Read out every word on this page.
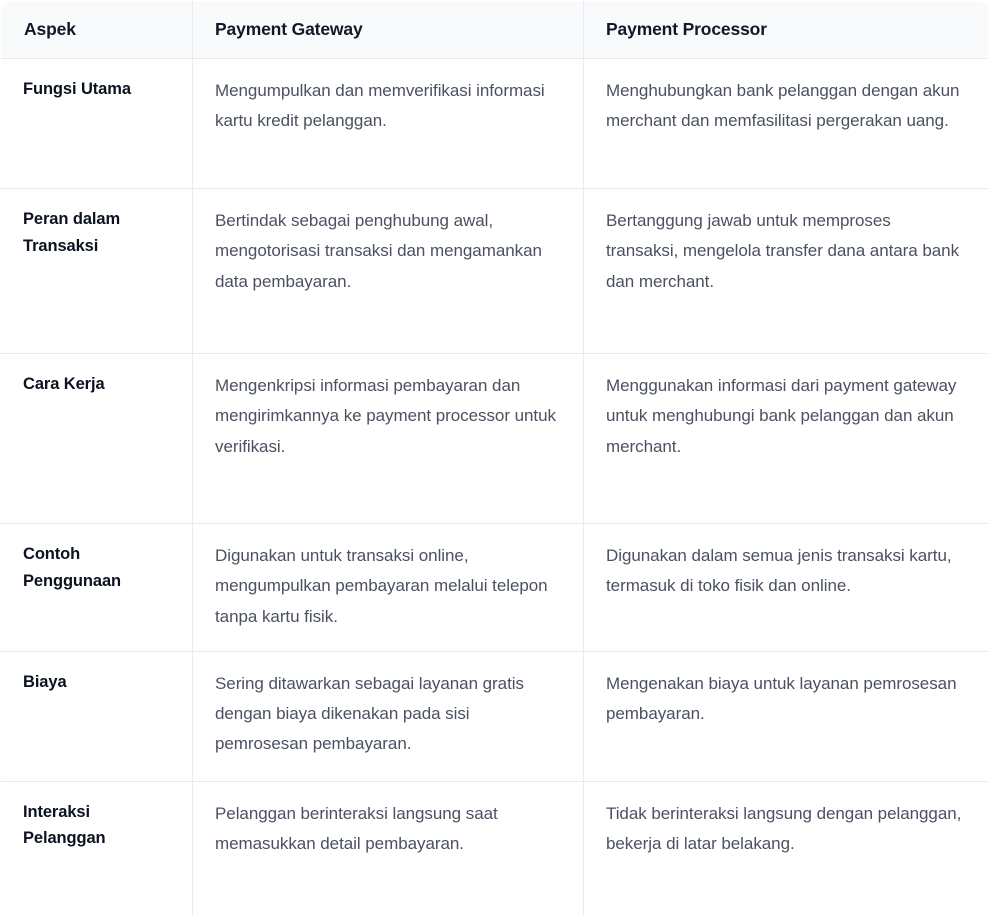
Aspek	Payment Gateway	Payment Processor

Fungsi Utama	Mengumpulkan dan memverifikasi informasi kartu kredit pelanggan.	Menghubungkan bank pelanggan dengan akun merchant dan memfasilitasi pergerakan uang.

Peran dalam Transaksi	Bertindak sebagai penghubung awal, mengotorisasi transaksi dan mengamankan data pembayaran.	Bertanggung jawab untuk memproses transaksi, mengelola transfer dana antara bank dan merchant.

Cara Kerja	Mengenkripsi informasi pembayaran dan mengirimkannya ke payment processor untuk verifikasi.	Menggunakan informasi dari payment gateway untuk menghubungi bank pelanggan dan akun merchant.

Contoh Penggunaan	Digunakan untuk transaksi online, mengumpulkan pembayaran melalui telepon tanpa kartu fisik.	Digunakan dalam semua jenis transaksi kartu, termasuk di toko fisik dan online.

Biaya	Sering ditawarkan sebagai layanan gratis dengan biaya dikenakan pada sisi pemrosesan pembayaran.	Mengenakan biaya untuk layanan pemrosesan pembayaran.

Interaksi Pelanggan	Pelanggan berinteraksi langsung saat memasukkan detail pembayaran.	Tidak berinteraksi langsung dengan pelanggan, bekerja di latar belakang.
